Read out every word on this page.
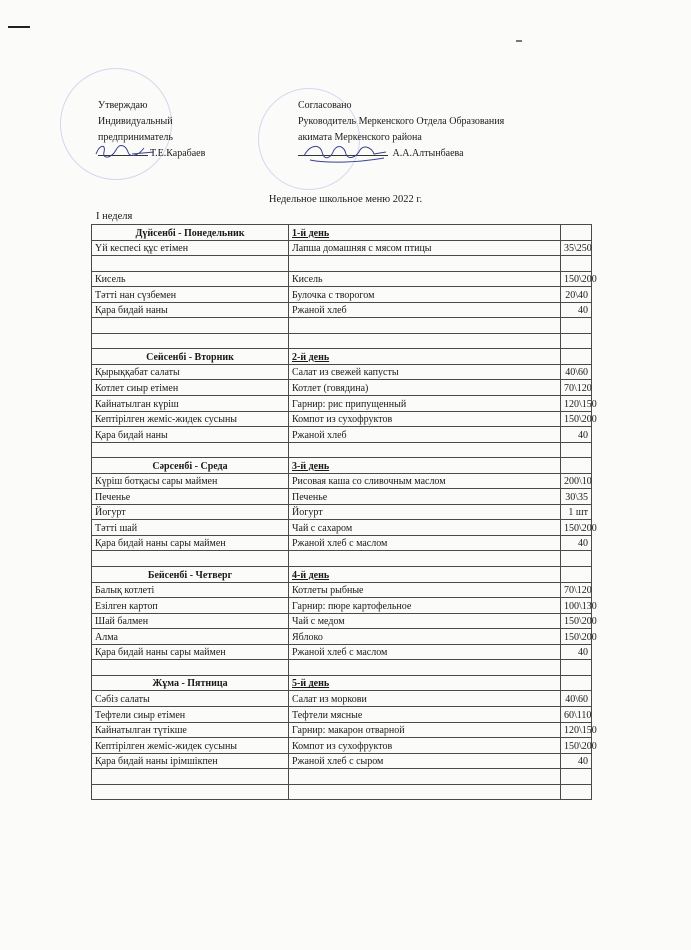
Утверждаю
Индивидуальный
предприниматель
Т.Е.Карабаев
Согласовано
Руководитель Меркенского Отдела Образования
акимата Меркенского района
А.А.Алтынбаева
Недельное школьное меню 2022 г.
I неделя
Дүйсенбі - Понедельник	1-й день	
Үй кеспесі құс етімен	Лапша домашняя с мясом птицы	35\250

Кисель	Кисель	150\200
Тәтті нан сүзбемен	Булочка с творогом	20\40
Қара бидай наны	Ржаной хлеб	40

Сейсенбі - Вторник	2-й день	
Қырыққабат салаты	Салат из свежей капусты	40\60
Котлет сиыр етімен	Котлет (говядина)	70\120
Кайнатылган күріш	Гарнир: рис припущенный	120\150
Кептірілген жеміс-жидек сусыны	Компот из сухофруктов	150\200
Қара бидай наны	Ржаной хлеб	40

Сәрсенбі - Среда	3-й день	
Күріш ботқасы сары маймен	Рисовая каша со сливочным маслом	200\10
Печенье	Печенье	30\35
Йогурт	Йогурт	1 шт
Тәтті шай	Чай с сахаром	150\200
Қара бидай наны сары маймен	Ржаной хлеб с маслом	40

Бейсенбі - Четверг	4-й день	
Балық котлеті	Котлеты рыбные	70\120
Езілген картоп	Гарнир: пюре картофельное	100\130
Шай балмен	Чай с медом	150\200
Алма	Яблоко	150\200
Қара бидай наны сары маймен	Ржаной хлеб с маслом	40

Жұма - Пятница	5-й день	
Сәбіз салаты	Салат из моркови	40\60
Тефтели сиыр етімен	Тефтели мясные	60\110
Кайнатылган түтікше	Гарнир: макарон отварной	120\150
Кептірілген жеміс-жидек сусыны	Компот из сухофруктов	150\200
Қара бидай наны ірімшікпен	Ржаной хлеб с сыром	40
